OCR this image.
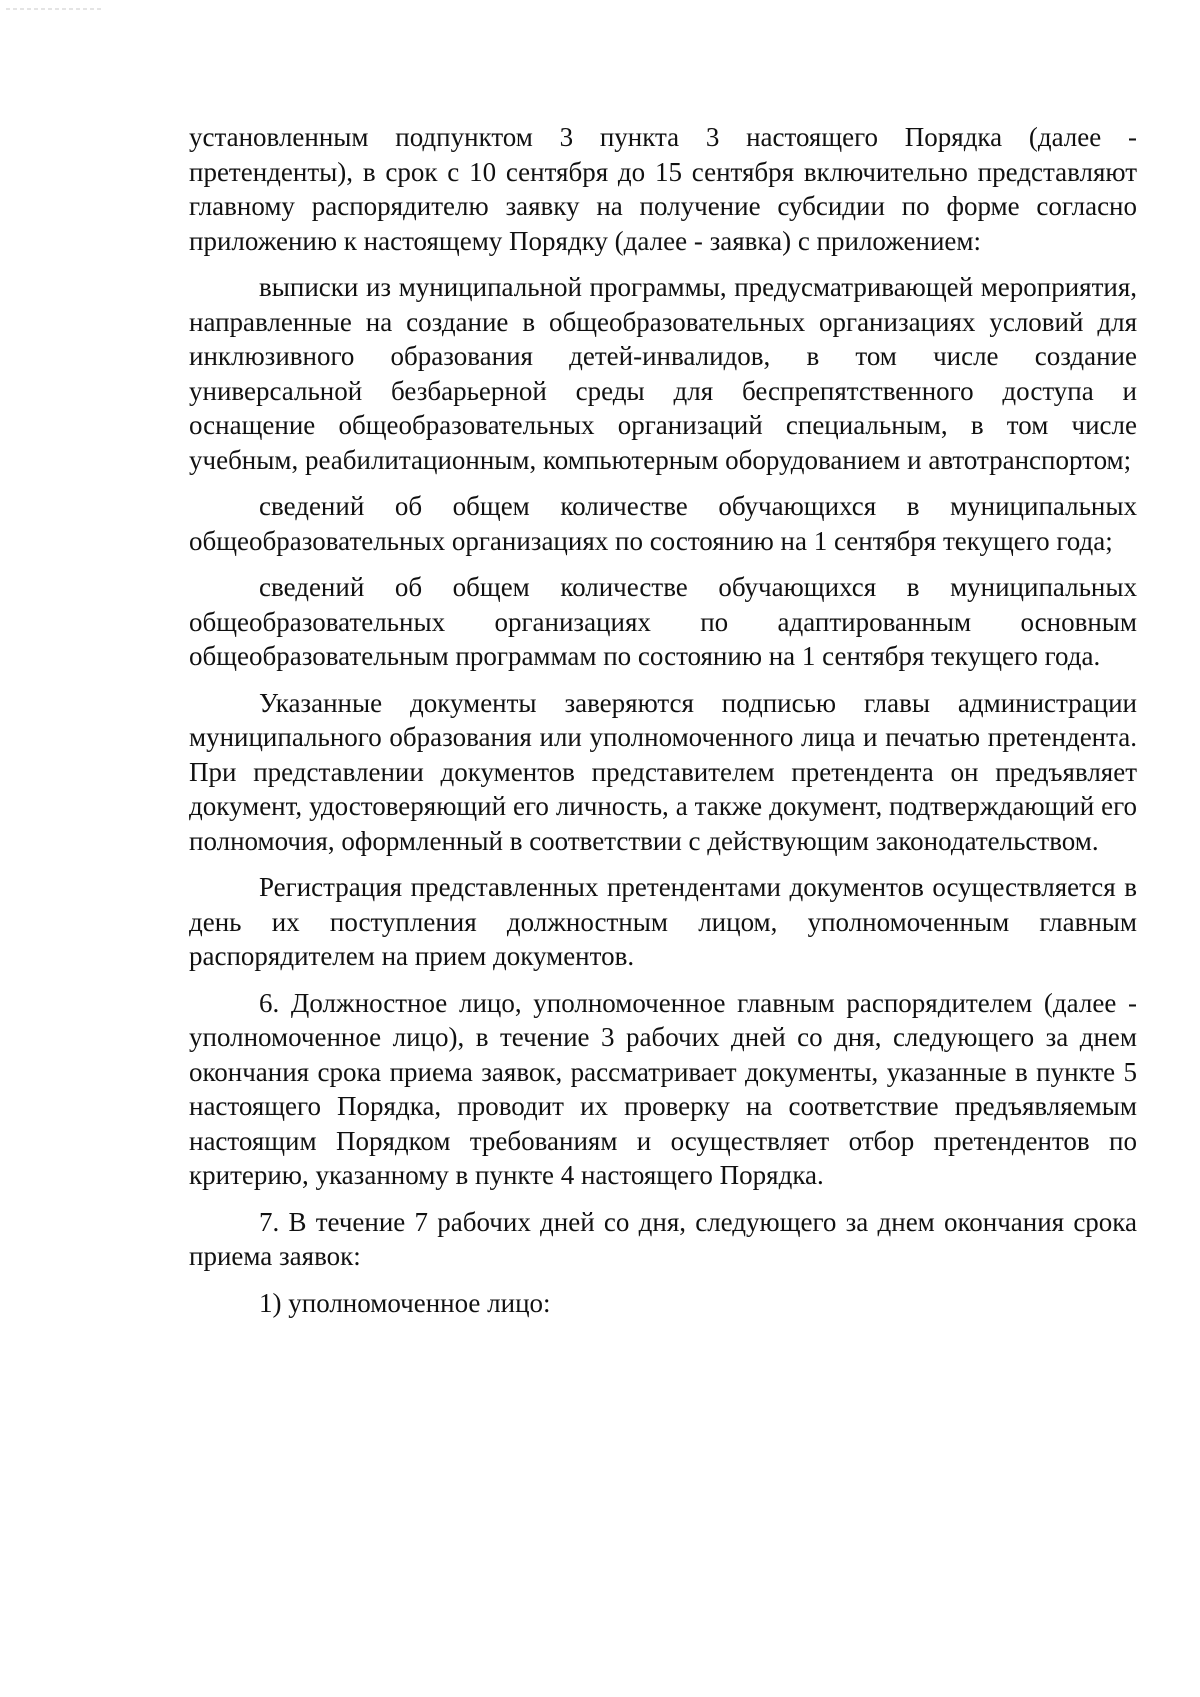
установленным подпунктом 3 пункта 3 настоящего Порядка (далее - претенденты), в срок с 10 сентября до 15 сентября включительно представляют главному распорядителю заявку на получение субсидии по форме согласно приложению к настоящему Порядку (далее - заявка) с приложением:

выписки из муниципальной программы, предусматривающей мероприятия, направленные на создание в общеобразовательных организациях условий для инклюзивного образования детей-инвалидов, в том числе создание универсальной безбарьерной среды для беспрепятственного доступа и оснащение общеобразовательных организаций специальным, в том числе учебным, реабилитационным, компьютерным оборудованием и автотранспортом;

сведений об общем количестве обучающихся в муниципальных общеобразовательных организациях по состоянию на 1 сентября текущего года;

сведений об общем количестве обучающихся в муниципальных общеобразовательных организациях по адаптированным основным общеобразовательным программам по состоянию на 1 сентября текущего года.

Указанные документы заверяются подписью главы администрации муниципального образования или уполномоченного лица и печатью претендента. При представлении документов представителем претендента он предъявляет документ, удостоверяющий его личность, а также документ, подтверждающий его полномочия, оформленный в соответствии с действующим законодательством.

Регистрация представленных претендентами документов осуществляется в день их поступления должностным лицом, уполномоченным главным распорядителем на прием документов.

6. Должностное лицо, уполномоченное главным распорядителем (далее - уполномоченное лицо), в течение 3 рабочих дней со дня, следующего за днем окончания срока приема заявок, рассматривает документы, указанные в пункте 5 настоящего Порядка, проводит их проверку на соответствие предъявляемым настоящим Порядком требованиям и осуществляет отбор претендентов по критерию, указанному в пункте 4 настоящего Порядка.

7. В течение 7 рабочих дней со дня, следующего за днем окончания срока приема заявок:

1) уполномоченное лицо:
